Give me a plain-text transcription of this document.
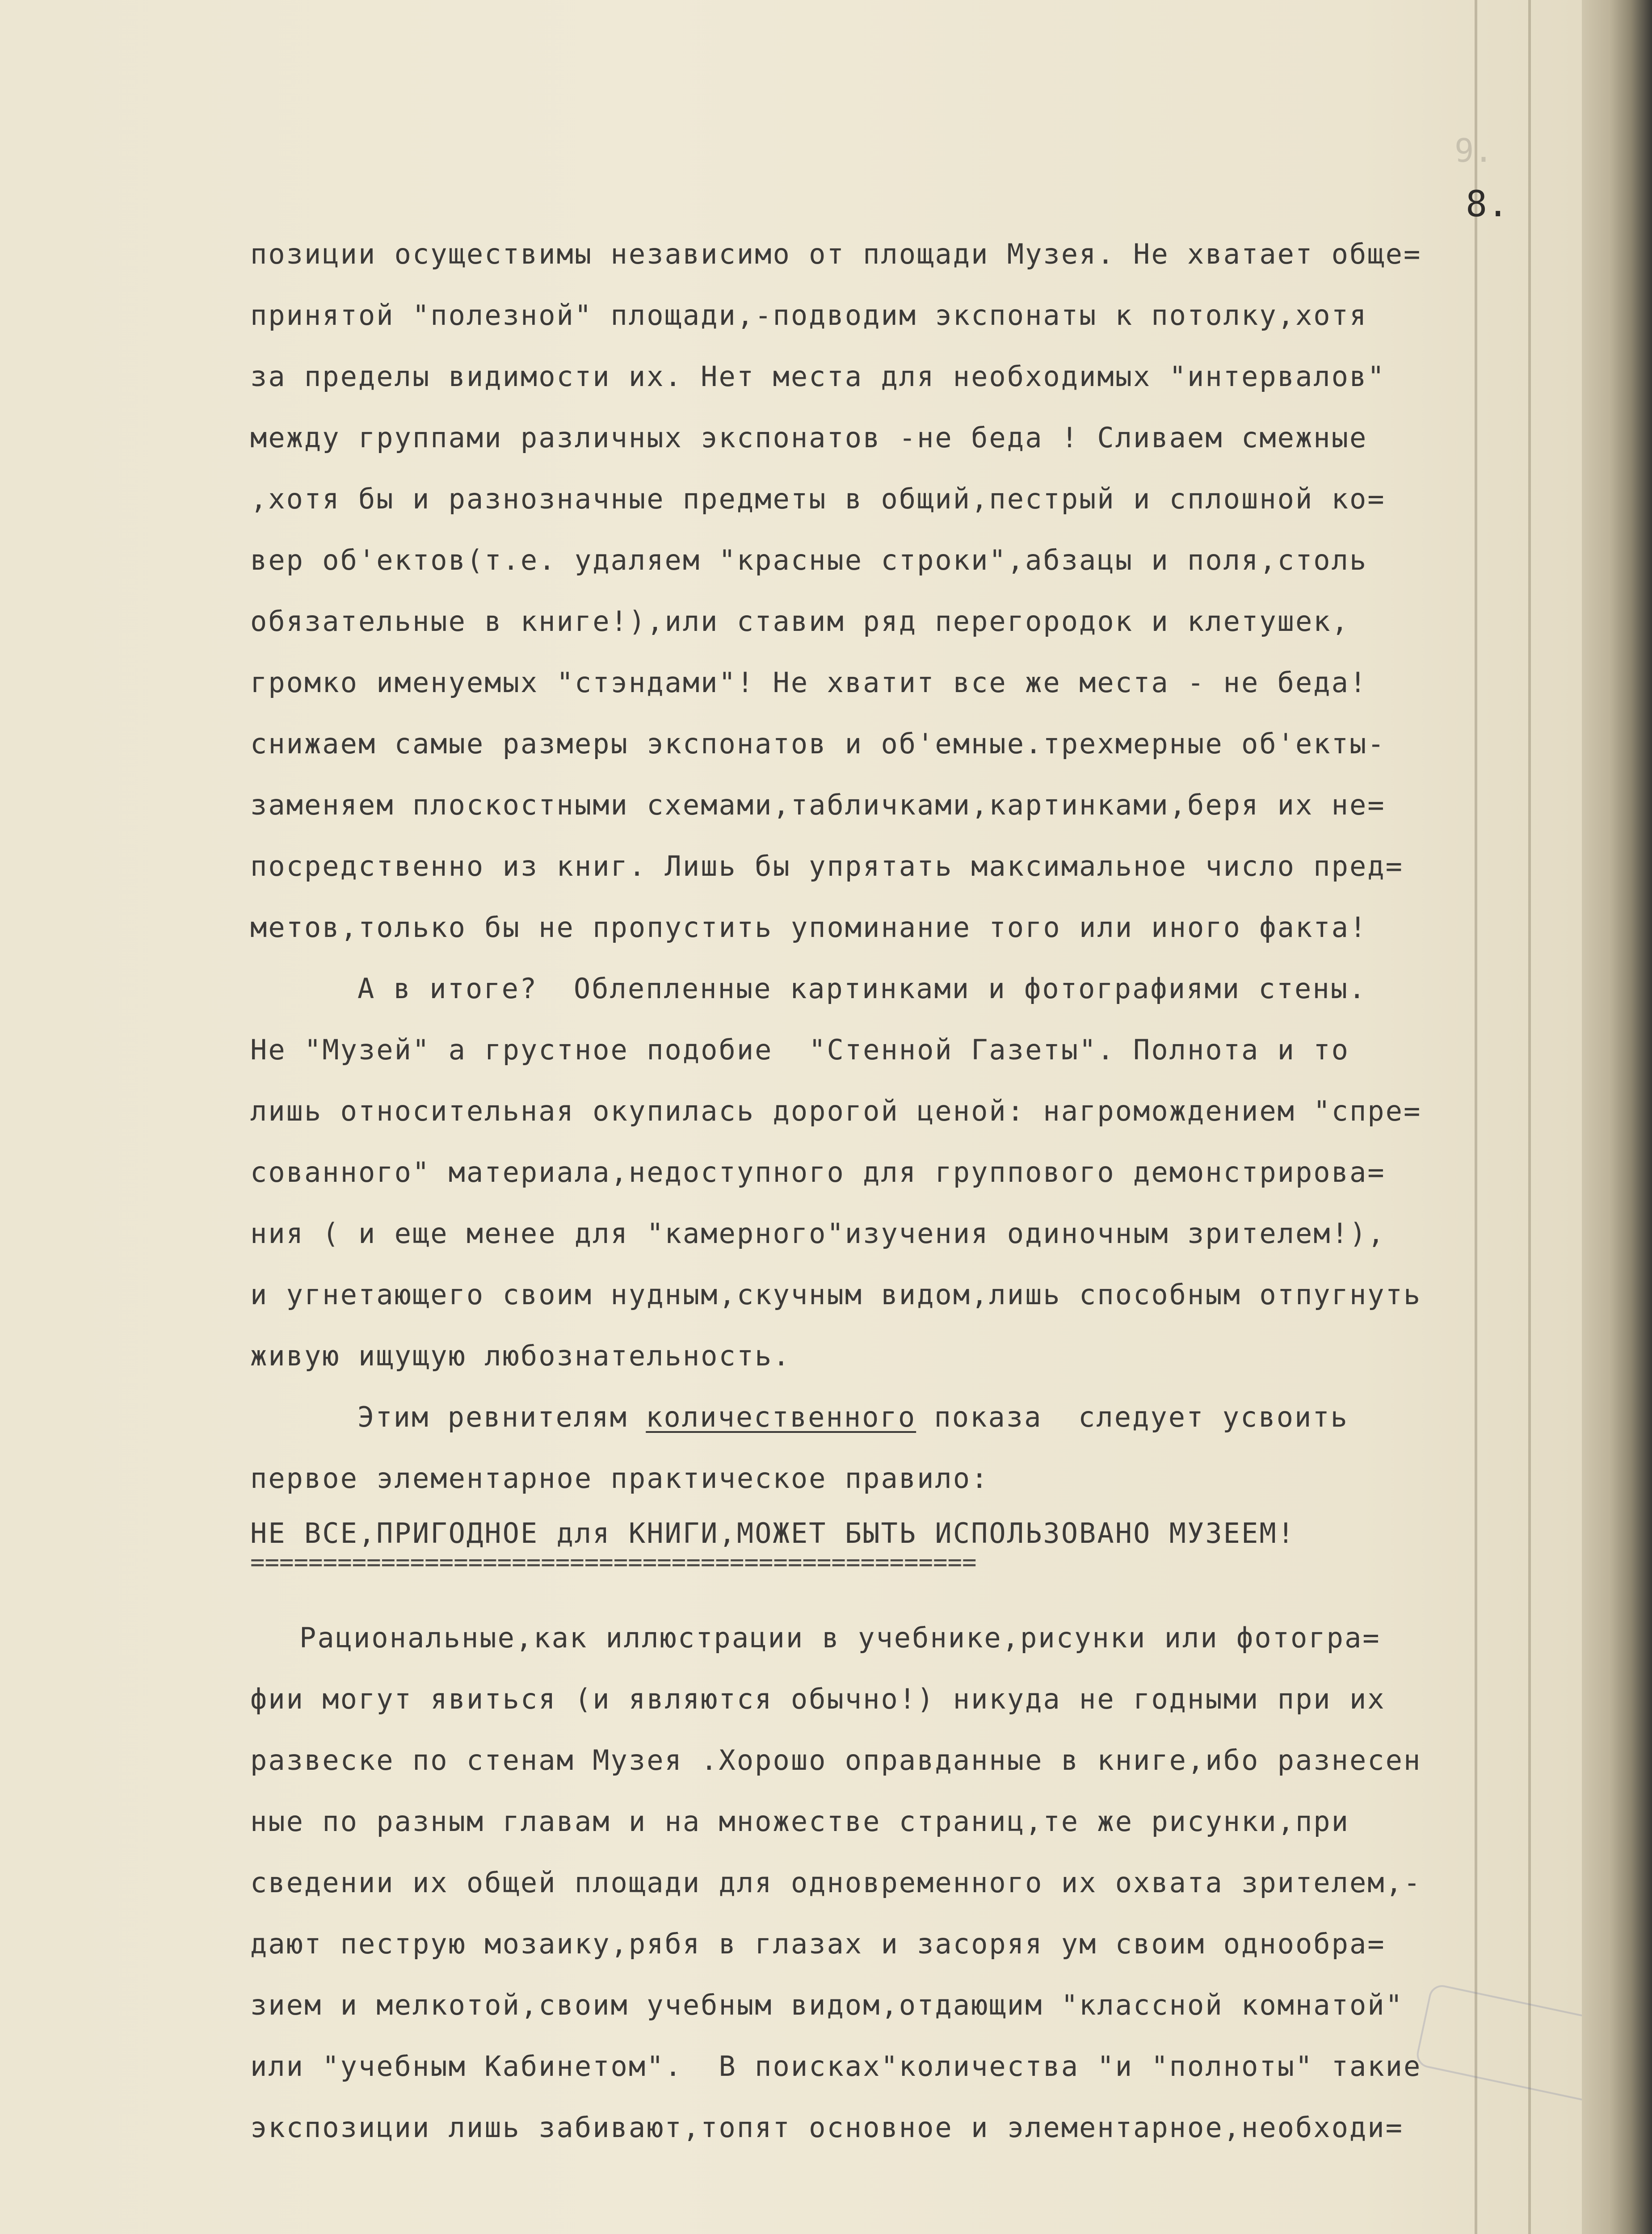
9.
8.
позиции осуществимы независимо от площади Музея. Не хватает обще=
принятой "полезной" площади,-подводим экспонаты к потолку,хотя
за пределы видимости их. Нет места для необходимых "интервалов"
между группами различных экспонатов -не беда ! Сливаем смежные
,хотя бы и разнозначные предметы в общий,пестрый и сплошной ко=
вер об'ектов(т.е. удаляем "красные строки",абзацы и поля,столь
обязательные в книге!),или ставим ряд перегородок и клетушек,
громко именуемых "стэндами"! Не хватит все же места - не беда!
снижаем самые размеры экспонатов и об'емные.трехмерные об'екты-
заменяем плоскостными схемами,табличками,картинками,беря их не=
посредственно из книг. Лишь бы упрятать максимальное число пред=
метов,только бы не пропустить упоминание того или иного факта!
А в итоге?  Облепленные картинками и фотографиями стены.
Не "Музей" а грустное подобие  "Стенной Газеты". Полнота и то
лишь относительная окупилась дорогой ценой: нагромождением "спре=
сованного" материала,недоступного для группового демонстрирова=
ния ( и еще менее для "камерного"изучения одиночным зрителем!),
и угнетающего своим нудным,скучным видом,лишь способным отпугнуть
живую ищущую любознательность.
Этим ревнителям количественного показа  следует усвоить
первое элементарное практическое правило:
НЕ ВСЕ,ПРИГОДНОЕ для КНИГИ,МОЖЕТ БЫТЬ ИСПОЛЬЗОВАНО МУЗЕЕМ!
==================================================
Рациональные,как иллюстрации в учебнике,рисунки или фотогра=
фии могут явиться (и являются обычно!) никуда не годными при их
развеске по стенам Музея .Хорошо оправданные в книге,ибо разнесен
ные по разным главам и на множестве страниц,те же рисунки,при
сведении их общей площади для одновременного их охвата зрителем,-
дают пеструю мозаику,рябя в глазах и засоряя ум своим однообра=
зием и мелкотой,своим учебным видом,отдающим "классной комнатой"
или "учебным Кабинетом".  В поисках"количества "и "полноты" такие
экспозиции лишь забивают,топят основное и элементарное,необходи=
